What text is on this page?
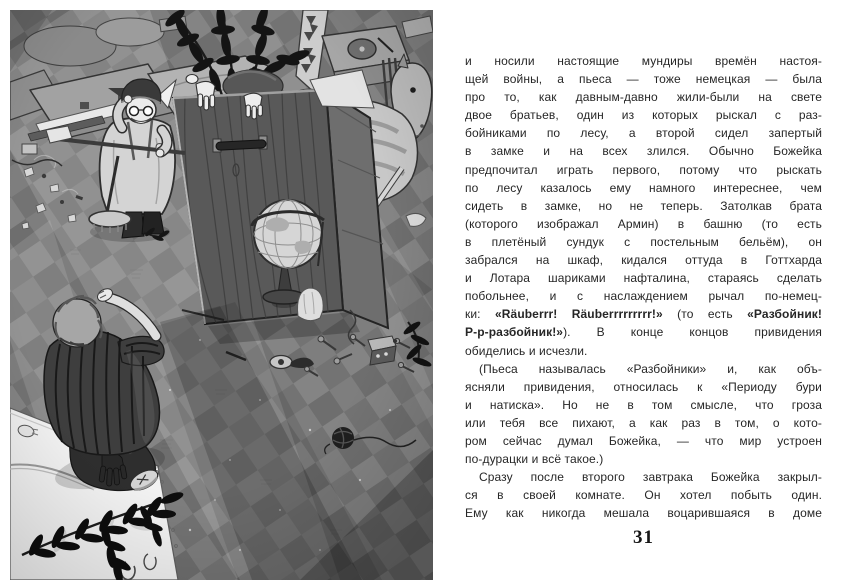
и носили настоящие мундиры времён настоя-
щей войны, а пьеса — тоже немецкая — была
про то, как давным-давно жили-были на свете
двое братьев, один из которых рыскал с раз-
бойниками по лесу, а второй сидел запертый
в замке и на всех злился. Обычно Божейка
предпочитал играть первого, потому что рыскать
по лесу казалось ему намного интереснее, чем
сидеть в замке, но не теперь. Затолкав брата
(которого изображал Армин) в башню (то есть
в плетёный сундук с постельным бельём), он
забрался на шкаф, кидался оттуда в Готтхарда
и Лотара шариками нафталина, стараясь сделать
побольнее, и с наслаждением рычал по-немец-
ки: «Räuberrr! Räuberrrrrrrrr!» (то есть «Разбойник!
Р-р-разбойник!»). В конце концов привидения
обиделись и исчезли.
(Пьеса называлась «Разбойники» и, как объ-
ясняли привидения, относилась к «Периоду бури
и натиска». Но не в том смысле, что гроза
или тебя все пихают, а как раз в том, о кото-
ром сейчас думал Божейка, — что мир устроен
по-дурацки и всё такое.)
Сразу после второго завтрака Божейка закрыл-
ся в своей комнате. Он хотел побыть один.
Ему как никогда мешала воцарившаяся в доме
31
